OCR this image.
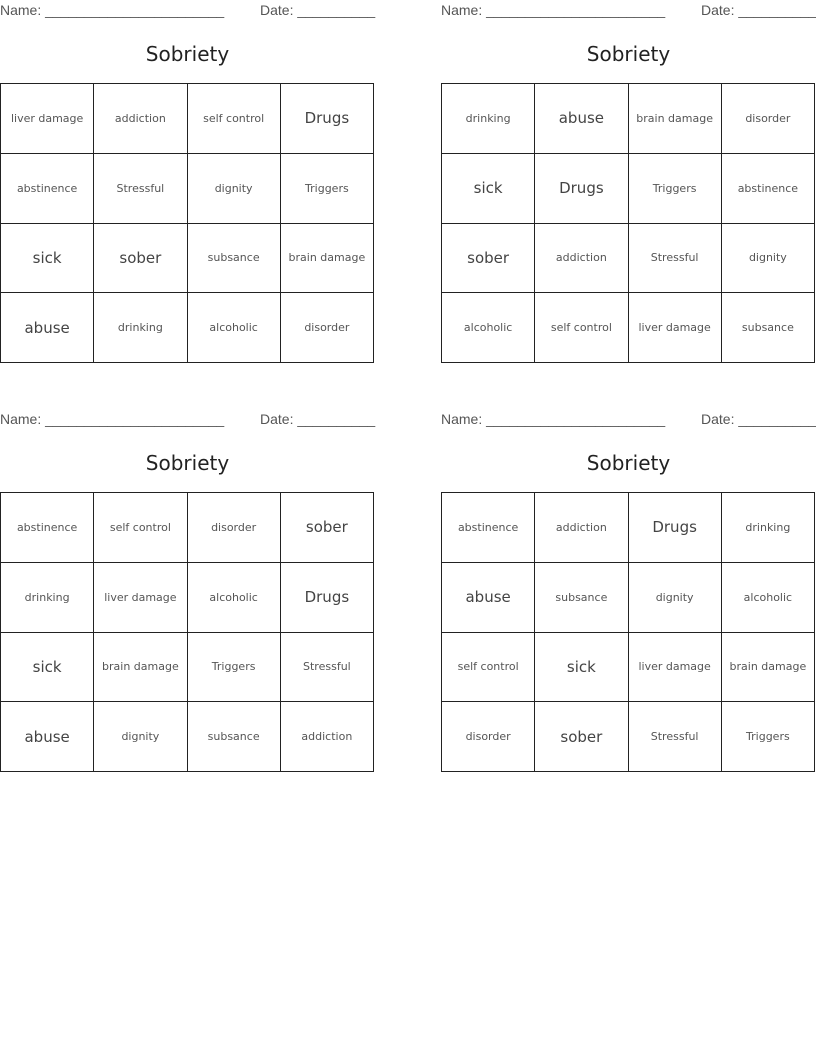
Name: _______________________	Date: __________
Sobriety
liver damage	addiction	self control	Drugs
abstinence	Stressful	dignity	Triggers
sick	sober	subsance	brain damage
abuse	drinking	alcoholic	disorder
Name: _______________________	Date: __________
Sobriety
drinking	abuse	brain damage	disorder
sick	Drugs	Triggers	abstinence
sober	addiction	Stressful	dignity
alcoholic	self control	liver damage	subsance
Name: _______________________	Date: __________
Sobriety
abstinence	self control	disorder	sober
drinking	liver damage	alcoholic	Drugs
sick	brain damage	Triggers	Stressful
abuse	dignity	subsance	addiction
Name: _______________________	Date: __________
Sobriety
abstinence	addiction	Drugs	drinking
abuse	subsance	dignity	alcoholic
self control	sick	liver damage	brain damage
disorder	sober	Stressful	Triggers
